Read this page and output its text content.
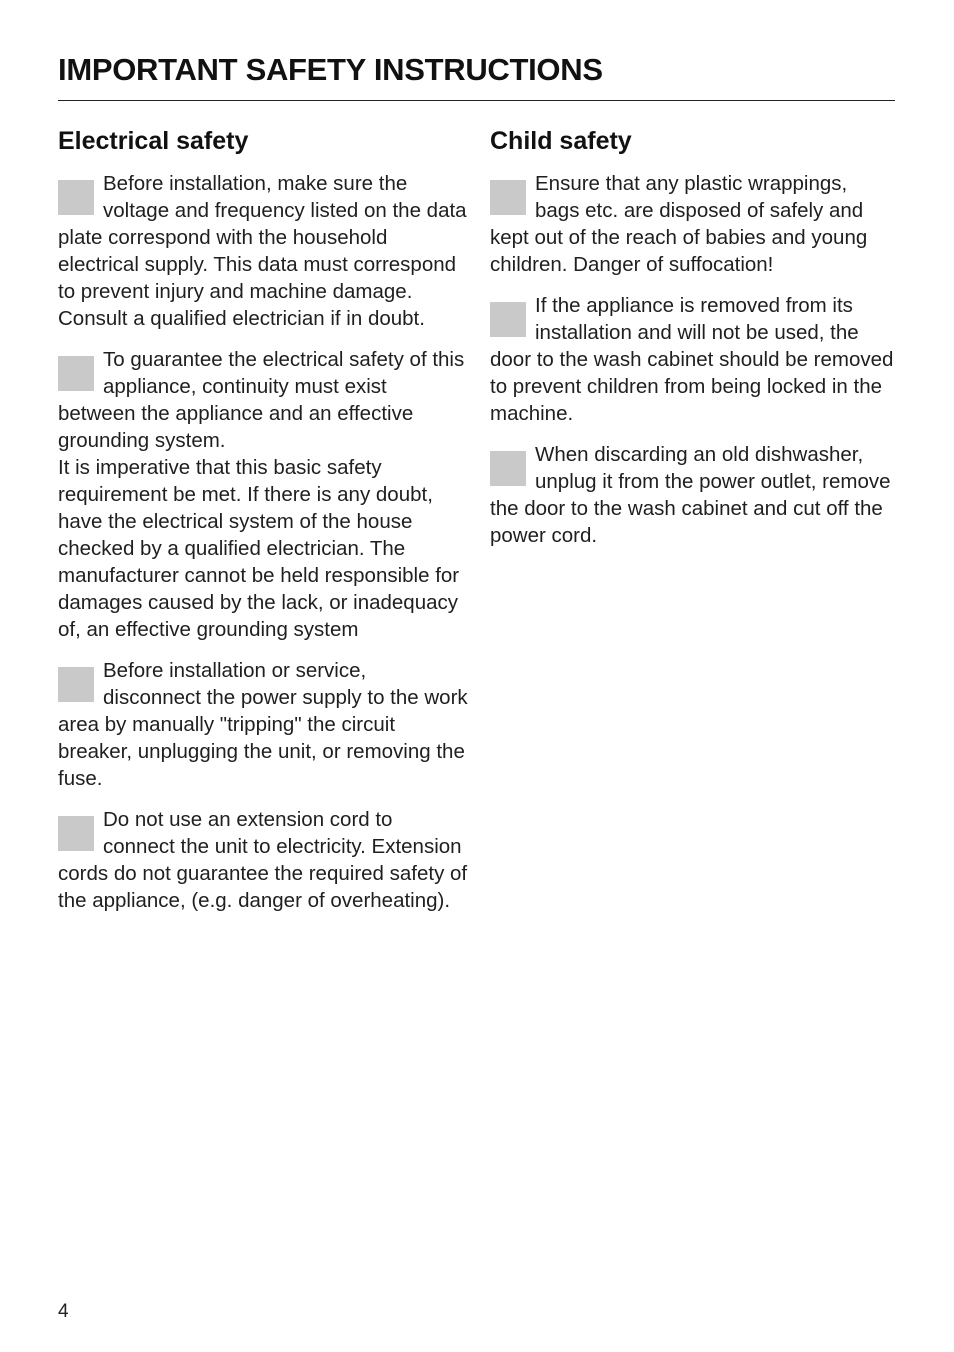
IMPORTANT SAFETY INSTRUCTIONS
Electrical safety

Before installation, make sure the voltage and frequency listed on the data plate correspond with the household electrical supply. This data must correspond to prevent injury and machine damage. Consult a qualified electrician if in doubt.

To guarantee the electrical safety of this appliance, continuity must exist between the appliance and an effective grounding system.

It is imperative that this basic safety requirement be met. If there is any doubt, have the electrical system of the house checked by a qualified electrician. The manufacturer cannot be held responsible for damages caused by the lack, or inadequacy of, an effective grounding system

Before installation or service, disconnect the power supply to the work area by manually "tripping" the circuit breaker, unplugging the unit, or removing the fuse.

Do not use an extension cord to connect the unit to electricity. Extension cords do not guarantee the required safety of the appliance, (e.g. danger of overheating).

Child safety

Ensure that any plastic wrappings, bags etc. are disposed of safely and kept out of the reach of babies and young children. Danger of suffocation!

If the appliance is removed from its installation and will not be used, the door to the wash cabinet should be removed to prevent children from being locked in the machine.

When discarding an old dishwasher, unplug it from the power outlet, remove the door to the wash cabinet and cut off the power cord.

4
